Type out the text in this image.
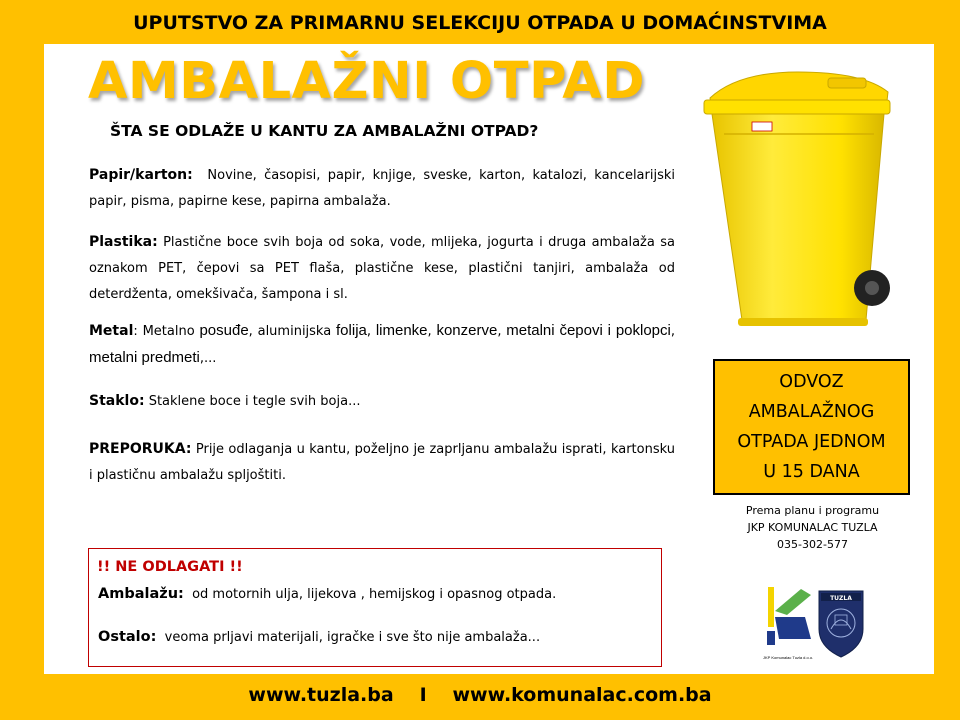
UPUTSTVO ZA PRIMARNU SELEKCIJU OTPADA U DOMAĆINSTVIMA
AMBALAŽNI OTPAD
ŠTA SE ODLAŽE U KANTU ZA AMBALAŽNI OTPAD?
Papir/karton: Novine, časopisi, papir, knjige, sveske, karton, katalozi, kancelarijski papir, pisma, papirne kese, papirna ambalaža.
Plastika: Plastične boce svih boja od soka, vode, mlijeka, jogurta i druga ambalaža sa oznakom PET, čepovi sa PET flaša, plastične kese, plastični tanjiri, ambalaža od deterdženta, omekšivača, šampona i sl.
Metal: Metalno posuđe, aluminijska folija, limenke, konzerve, metalni čepovi i poklopci, metalni predmeti,...
Staklo: Staklene boce i tegle svih boja...
PREPORUKA: Prije odlaganja u kantu, poželjno je zaprljanu ambalažu isprati, kartonsku i plastičnu ambalažu spljoštiti.
ODVOZ
AMBALAŽNOG
OTPADA JEDNOM
U 15 DANA
Prema planu i programu
JKP KOMUNALAC TUZLA
035-302-577
!! NE ODLAGATI !!
Ambalažu: od motornih ulja, lijekova , hemijskog i opasnog otpada.
Ostalo: veoma prljavi materijali, igračke i sve što nije ambalaža...
TUZLA
JKP Komunalac Tuzla d.o.o.
www.tuzla.ba I www.komunalac.com.ba
